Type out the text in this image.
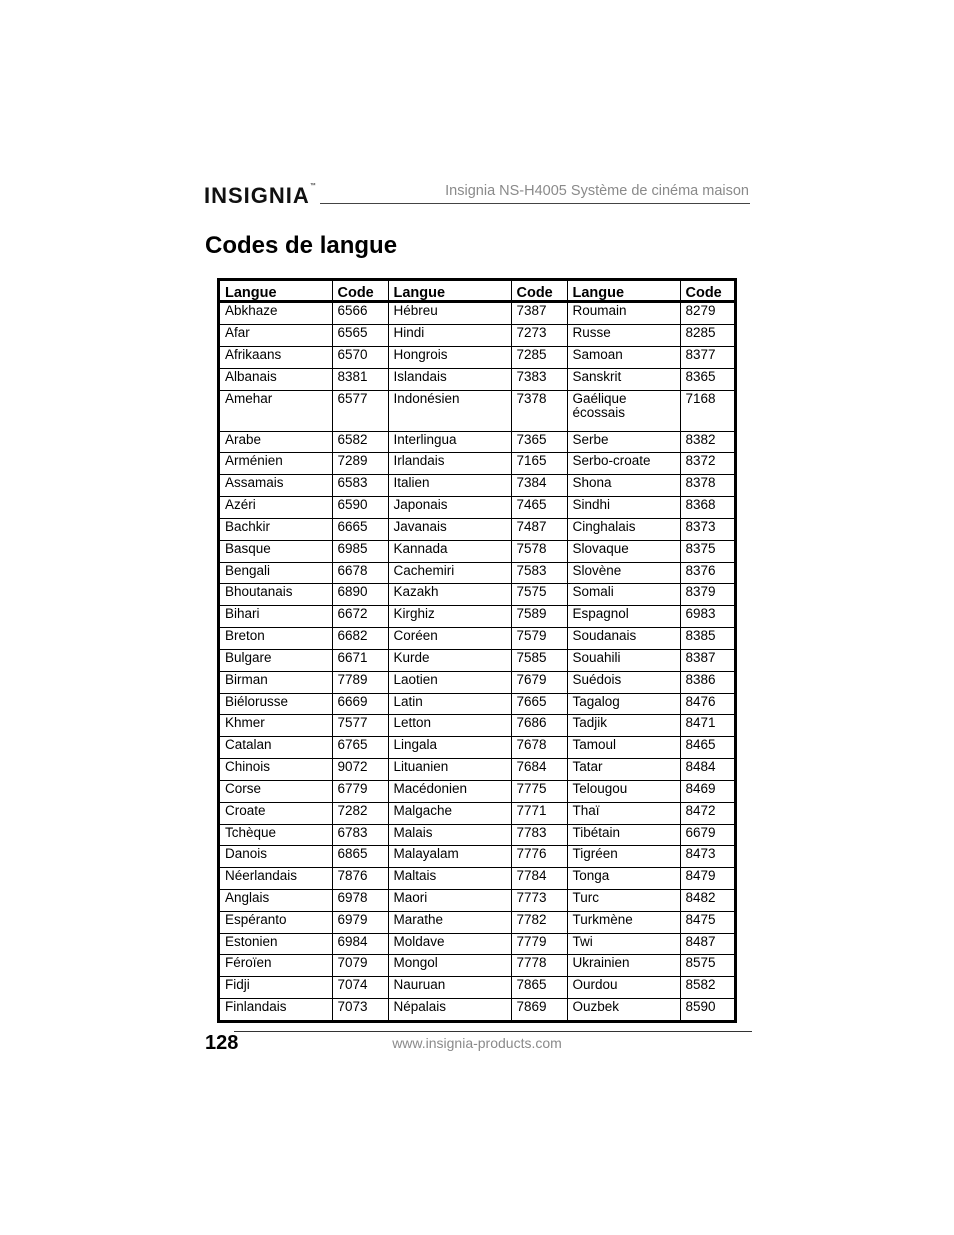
INSIGNIA™	Insignia NS-H4005 Système de cinéma maison
Codes de langue
Langue	Code	Langue	Code	Langue	Code
Abkhaze	6566	Hébreu	7387	Roumain	8279
Afar	6565	Hindi	7273	Russe	8285
Afrikaans	6570	Hongrois	7285	Samoan	8377
Albanais	8381	Islandais	7383	Sanskrit	8365
Amehar	6577	Indonésien	7378	Gaélique écossais	7168
Arabe	6582	Interlingua	7365	Serbe	8382
Arménien	7289	Irlandais	7165	Serbo-croate	8372
Assamais	6583	Italien	7384	Shona	8378
Azéri	6590	Japonais	7465	Sindhi	8368
Bachkir	6665	Javanais	7487	Cinghalais	8373
Basque	6985	Kannada	7578	Slovaque	8375
Bengali	6678	Cachemiri	7583	Slovène	8376
Bhoutanais	6890	Kazakh	7575	Somali	8379
Bihari	6672	Kirghiz	7589	Espagnol	6983
Breton	6682	Coréen	7579	Soudanais	8385
Bulgare	6671	Kurde	7585	Souahili	8387
Birman	7789	Laotien	7679	Suédois	8386
Biélorusse	6669	Latin	7665	Tagalog	8476
Khmer	7577	Letton	7686	Tadjik	8471
Catalan	6765	Lingala	7678	Tamoul	8465
Chinois	9072	Lituanien	7684	Tatar	8484
Corse	6779	Macédonien	7775	Telougou	8469
Croate	7282	Malgache	7771	Thaï	8472
Tchèque	6783	Malais	7783	Tibétain	6679
Danois	6865	Malayalam	7776	Tigréen	8473
Néerlandais	7876	Maltais	7784	Tonga	8479
Anglais	6978	Maori	7773	Turc	8482
Espéranto	6979	Marathe	7782	Turkmène	8475
Estonien	6984	Moldave	7779	Twi	8487
Féroïen	7079	Mongol	7778	Ukrainien	8575
Fidji	7074	Nauruan	7865	Ourdou	8582
Finlandais	7073	Népalais	7869	Ouzbek	8590
128	www.insignia-products.com
